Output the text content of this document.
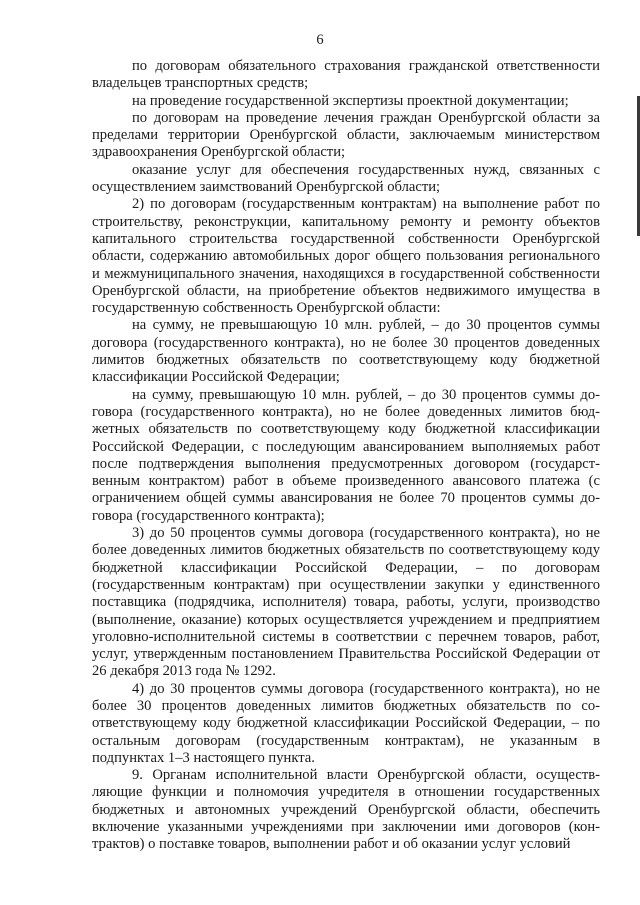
6

по договорам обязательного страхования гражданской ответственности владельцев транспортных средств;

на проведение государственной экспертизы проектной документации;

по договорам на проведение лечения граждан Оренбургской области за пределами территории Оренбургской области, заключаемым министерством здравоохранения Оренбургской области;

оказание услуг для обеспечения государственных нужд, связанных с осуществлением заимствований Оренбургской области;

2) по договорам (государственным контрактам) на выполнение работ по строительству, реконструкции, капитальному ремонту и ремонту объектов капитального строительства государственной собственности Оренбургской области, содержанию автомобильных дорог общего пользования регионального и межмуниципального значения, находящихся в государственной собственности Оренбургской области, на приобретение объектов недвижимого имущества в государственную собственность Оренбургской области:

на сумму, не превышающую 10 млн. рублей, – до 30 процентов суммы договора (государственного контракта), но не более 30 процентов доведенных лимитов бюджетных обязательств по соответствующему коду бюджетной классификации Российской Федерации;

на сумму, превышающую 10 млн. рублей, – до 30 процентов суммы договора (государственного контракта), но не более доведенных лимитов бюджетных обязательств по соответствующему коду бюджетной классификации Российской Федерации, с последующим авансированием выполняемых работ после подтверждения выполнения предусмотренных договором (государственным контрактом) работ в объеме произведенного авансового платежа (с ограничением общей суммы авансирования не более 70 процентов суммы договора (государственного контракта);

3) до 50 процентов суммы договора (государственного контракта), но не более доведенных лимитов бюджетных обязательств по соответствующему коду бюджетной классификации Российской Федерации, – по договорам (государственным контрактам) при осуществлении закупки у единственного поставщика (подрядчика, исполнителя) товара, работы, услуги, производство (выполнение, оказание) которых осуществляется учреждением и предприятием уголовно-исполнительной системы в соответствии с перечнем товаров, работ, услуг, утвержденным постановлением Правительства Российской Федерации от 26 декабря 2013 года № 1292.

4) до 30 процентов суммы договора (государственного контракта), но не более 30 процентов доведенных лимитов бюджетных обязательств по соответствующему коду бюджетной классификации Российской Федерации, – по остальным договорам (государственным контрактам), не указанным в подпунктах 1–3 настоящего пункта.

9. Органам исполнительной власти Оренбургской области, осуществляющие функции и полномочия учредителя в отношении государственных бюджетных и автономных учреждений Оренбургской области, обеспечить включение указанными учреждениями при заключении ими договоров (контрактов) о поставке товаров, выполнении работ и об оказании услуг условий
